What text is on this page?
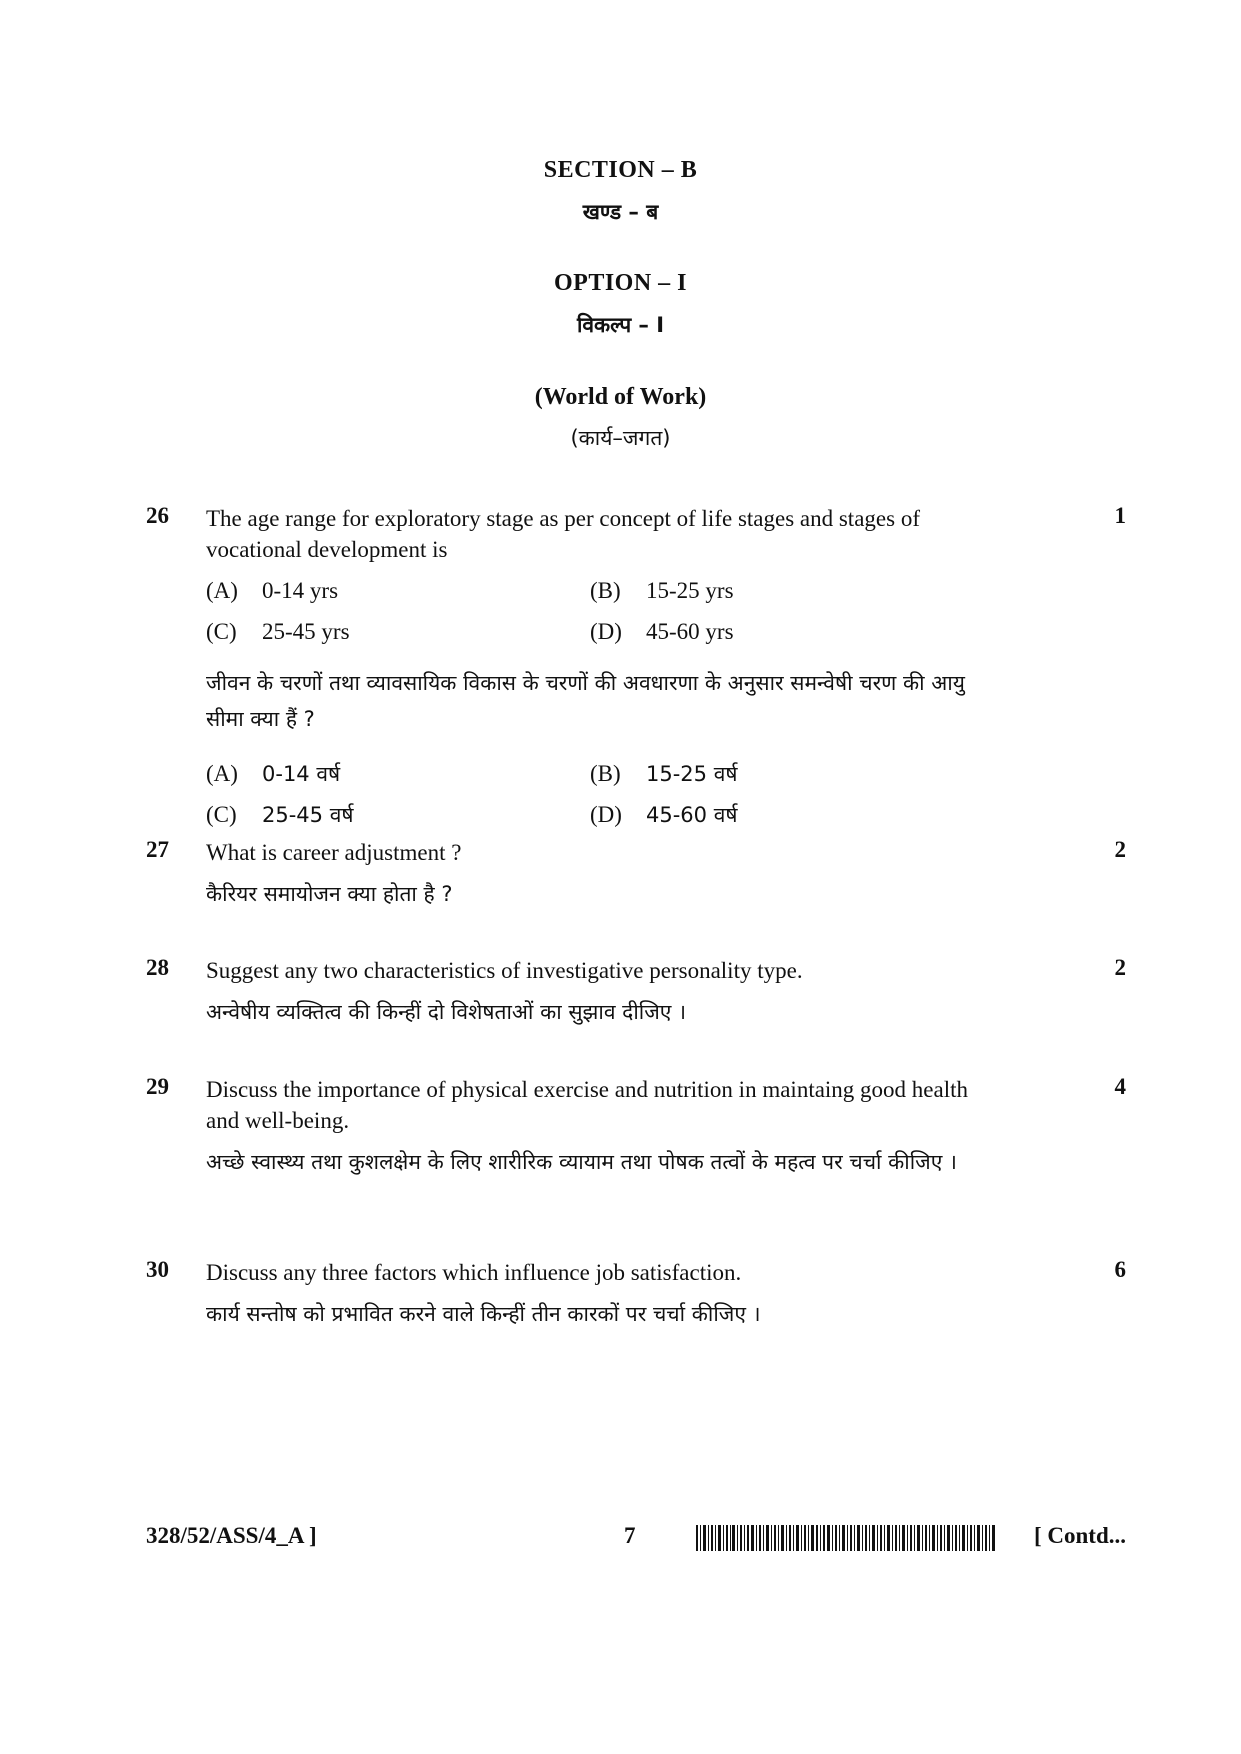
SECTION – B
खण्ड – ब
OPTION – I
विकल्प – I
(World of Work)
(कार्य–जगत)
26	The age range for exploratory stage as per concept of life stages and stages of vocational development is

(A) 0-14 yrs	(B) 15-25 yrs
(C) 25-45 yrs	(D) 45-60 yrs

जीवन के चरणों तथा व्यावसायिक विकास के चरणों की अवधारणा के अनुसार समन्वेषी चरण की आयु सीमा क्या हैं ?

(A) 0-14 वर्ष	(B) 15-25 वर्ष
(C) 25-45 वर्ष	(D) 45-60 वर्ष
1
27	What is career adjustment ?

कैरियर समायोजन क्या होता है ?

2
28	Suggest any two characteristics of investigative personality type.

अन्वेषीय व्यक्तित्व की किन्हीं दो विशेषताओं का सुझाव दीजिए ।

2
29	Discuss the importance of physical exercise and nutrition in maintaing good health and well-being.

अच्छे स्वास्थ्य तथा कुशलक्षेम के लिए शारीरिक व्यायाम तथा पोषक तत्वों के महत्व पर चर्चा कीजिए ।

4
30	Discuss any three factors which influence job satisfaction.

कार्य सन्तोष को प्रभावित करने वाले किन्हीं तीन कारकों पर चर्चा कीजिए ।

6
328/52/ASS/4_A ]	7	[ Contd...
